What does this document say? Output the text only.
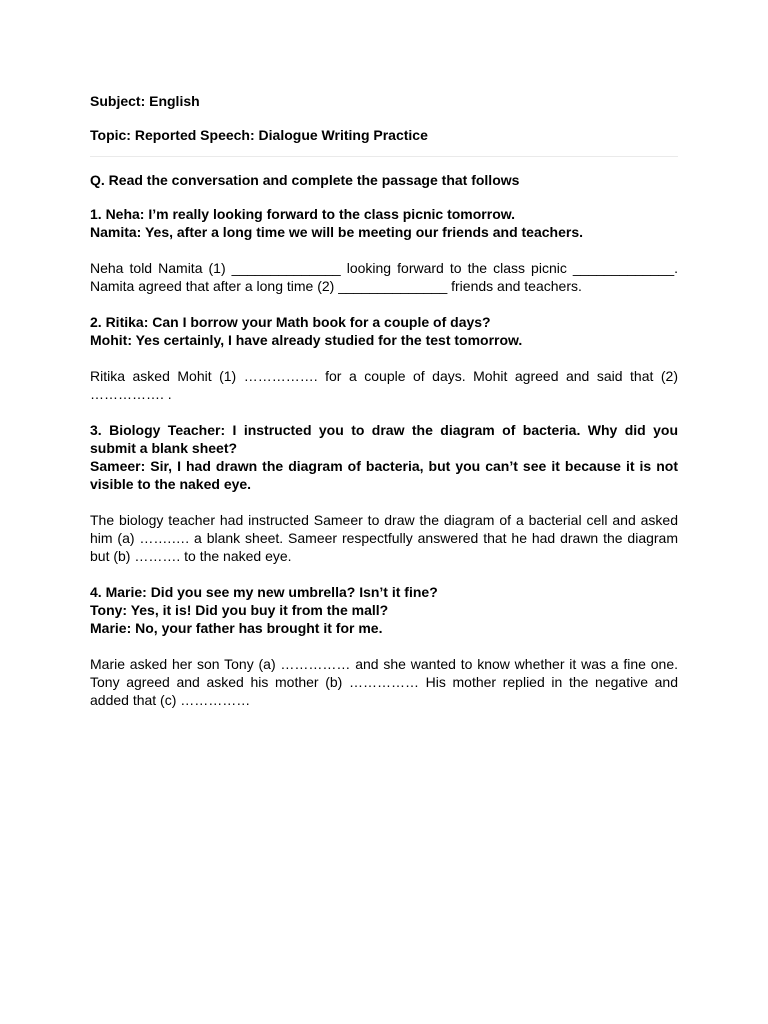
Subject: English

Topic: Reported Speech: Dialogue Writing Practice

Q. Read the conversation and complete the passage that follows

1. Neha: I’m really looking forward to the class picnic tomorrow.
Namita: Yes, after a long time we will be meeting our friends and teachers.

Neha told Namita (1) ______________ looking forward to the class picnic _____________. Namita agreed that after a long time (2) ______________ friends and teachers.

2. Ritika: Can I borrow your Math book for a couple of days?
Mohit: Yes certainly, I have already studied for the test tomorrow.

Ritika asked Mohit (1) ……………. for a couple of days. Mohit agreed and said that (2) ……………. .

3. Biology Teacher: I instructed you to draw the diagram of bacteria. Why did you submit a blank sheet?
Sameer: Sir, I had drawn the diagram of bacteria, but you can’t see it because it is not visible to the naked eye.

The biology teacher had instructed Sameer to draw the diagram of a bacterial cell and asked him (a) …….…. a blank sheet. Sameer respectfully answered that he had drawn the diagram but (b) ………. to the naked eye.

4. Marie: Did you see my new umbrella? Isn’t it fine?
Tony: Yes, it is! Did you buy it from the mall?
Marie: No, your father has brought it for me.

Marie asked her son Tony (a) …………… and she wanted to know whether it was a fine one. Tony agreed and asked his mother (b) …………… His mother replied in the negative and added that (c) ……………
